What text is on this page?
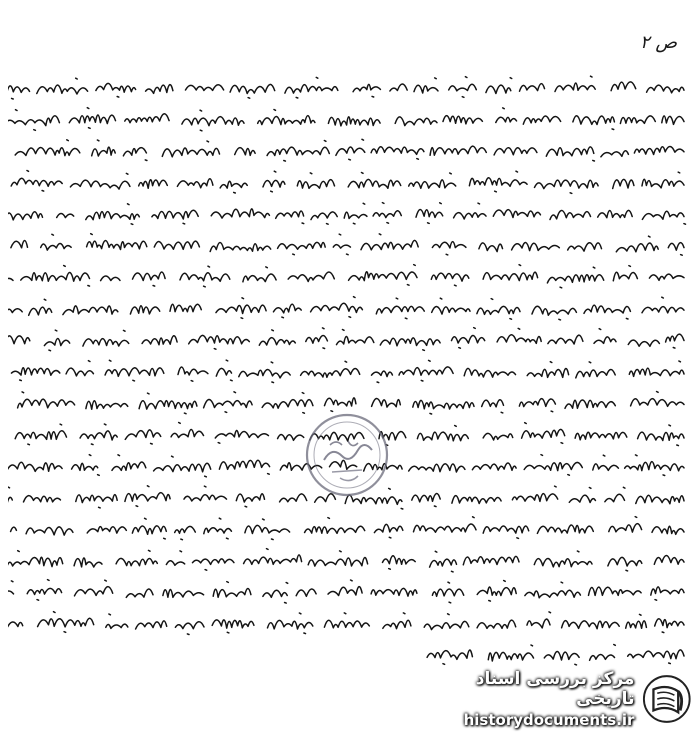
ص ۲
مرکز بررسی اسناد تاریخی
historydocuments.ir
